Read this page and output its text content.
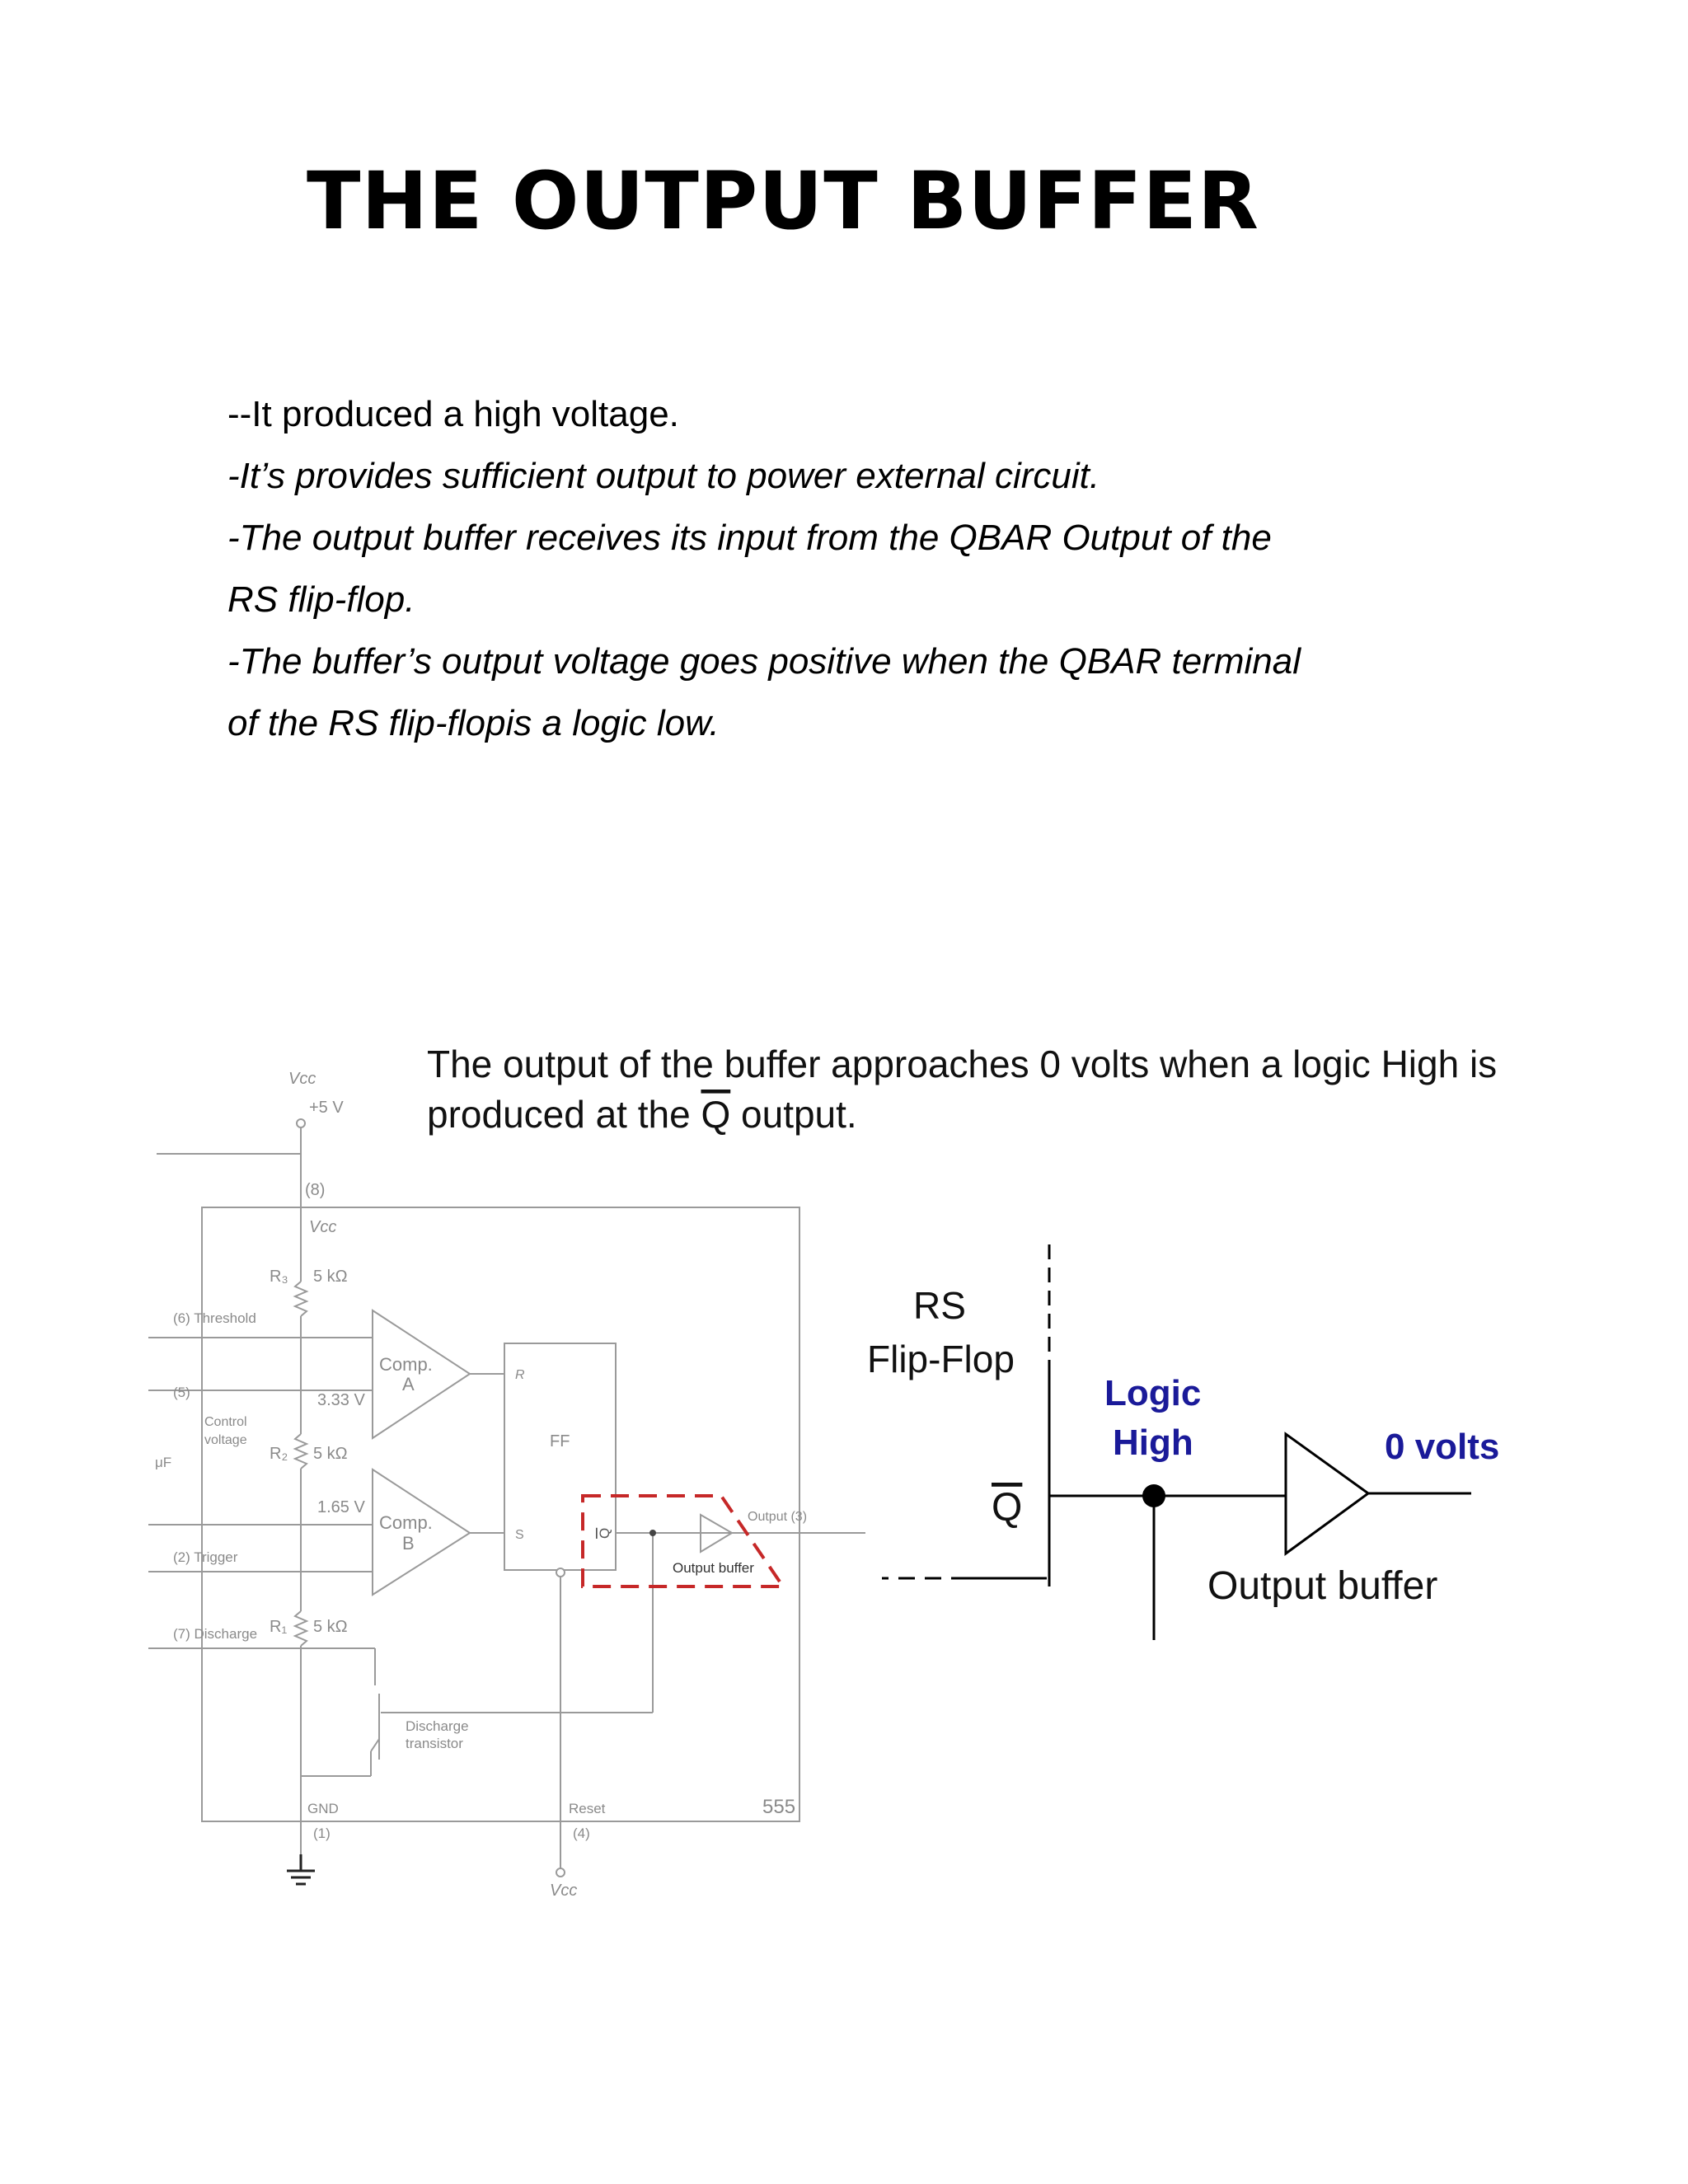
THE OUTPUT BUFFER
--It produced a high voltage.
-It’s provides sufficient output to power external circuit.
-The output buffer receives its input from the QBAR Output of the
RS flip-flop.
-The buffer’s output voltage goes positive when the QBAR terminal
of the RS flip-flopis a logic low.
The output of the buffer approaches 0 volts when a logic High is
produced at the Q output.
Vcc
+5 V
(8)
Vcc
R₃ 5 kΩ
(6) Threshold
(5)
Control
voltage
μF
3.33 V
Comp.
A
R₂ 5 kΩ
1.65 V
Comp.
B
(2) Trigger
R₁ 5 kΩ
(7) Discharge
R
FF
S
Output (3)
Discharge
transistor
GND
(1)
Reset
(4)
Vcc
555
Q
Output buffer
RS
Flip-Flop
Q
Logic
High	0 volts
Output buffer
